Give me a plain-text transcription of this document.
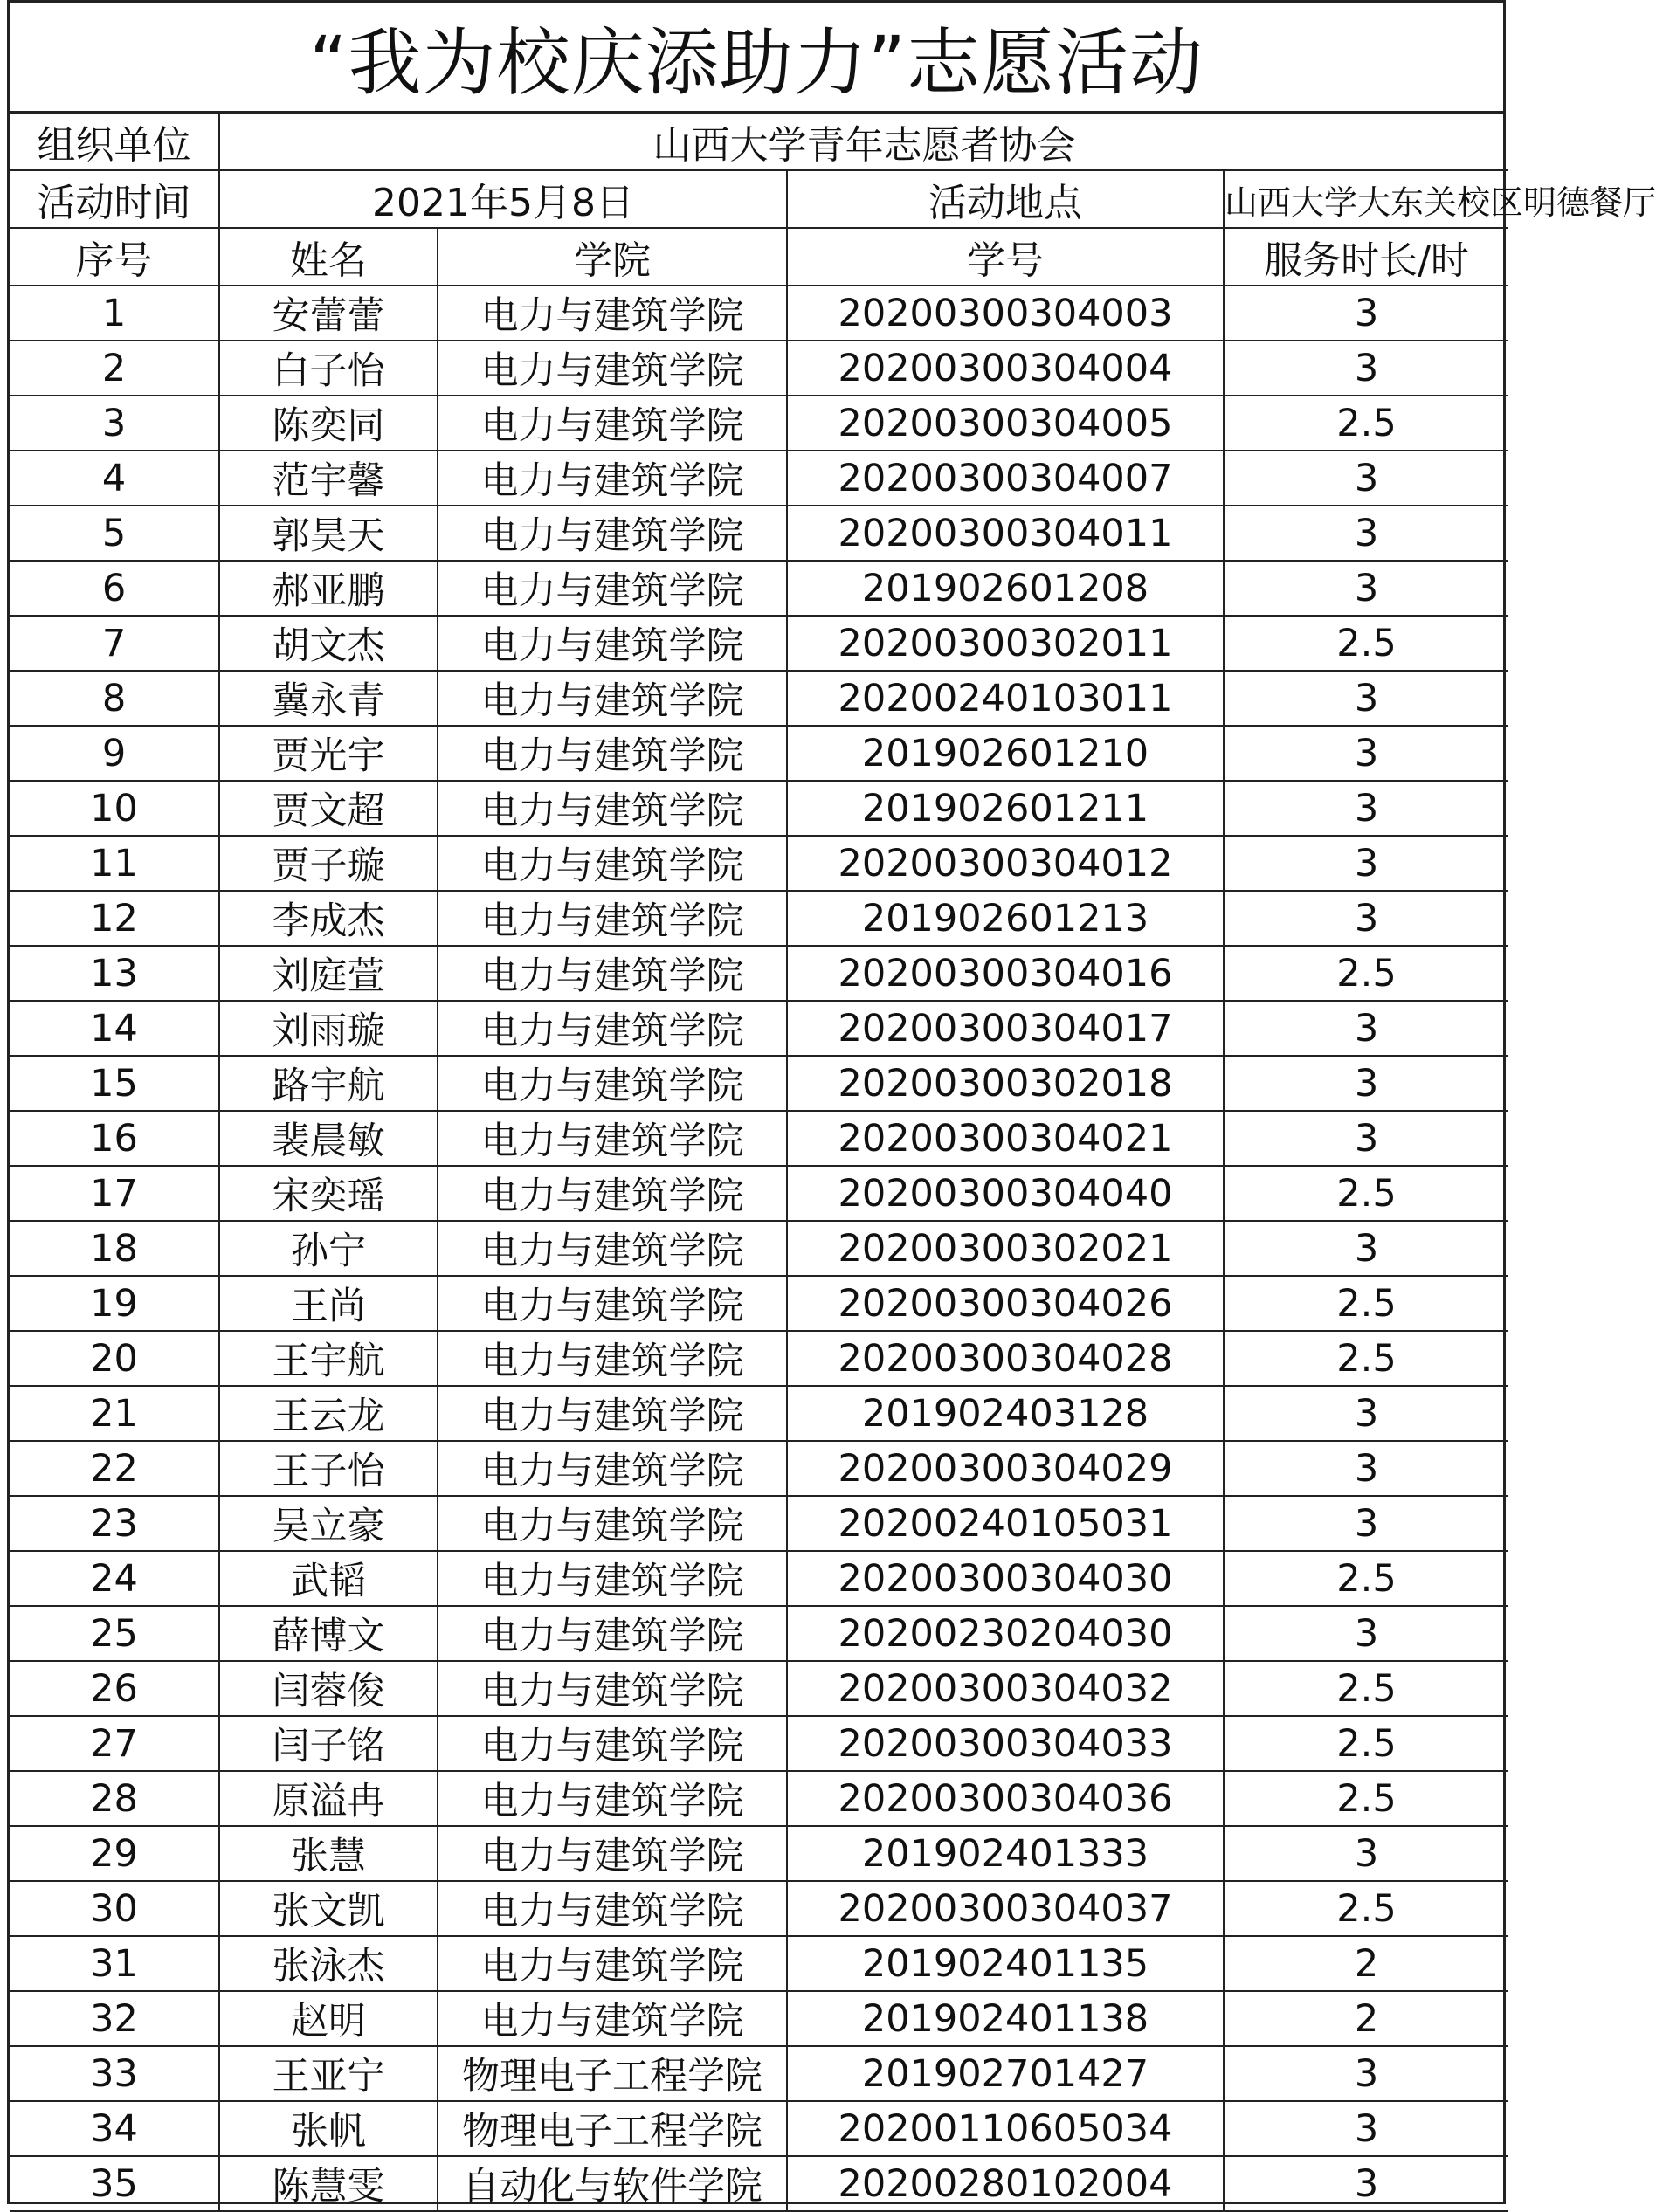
“我为校庆添助力”志愿活动
组织单位	山西大学青年志愿者协会			
活动时间	2021年5月8日		活动地点	山西大学大东关校区明德餐厅
序号	姓名	学院	学号	服务时长/时
1	安蕾蕾	电力与建筑学院	20200300304003	3
2	白子怡	电力与建筑学院	20200300304004	3
3	陈奕同	电力与建筑学院	20200300304005	2.5
4	范宇馨	电力与建筑学院	20200300304007	3
5	郭昊天	电力与建筑学院	20200300304011	3
6	郝亚鹏	电力与建筑学院	201902601208	3
7	胡文杰	电力与建筑学院	20200300302011	2.5
8	冀永青	电力与建筑学院	20200240103011	3
9	贾光宇	电力与建筑学院	201902601210	3
10	贾文超	电力与建筑学院	201902601211	3
11	贾子璇	电力与建筑学院	20200300304012	3
12	李成杰	电力与建筑学院	201902601213	3
13	刘庭萱	电力与建筑学院	20200300304016	2.5
14	刘雨璇	电力与建筑学院	20200300304017	3
15	路宇航	电力与建筑学院	20200300302018	3
16	裴晨敏	电力与建筑学院	20200300304021	3
17	宋奕瑶	电力与建筑学院	20200300304040	2.5
18	孙宁	电力与建筑学院	20200300302021	3
19	王尚	电力与建筑学院	20200300304026	2.5
20	王宇航	电力与建筑学院	20200300304028	2.5
21	王云龙	电力与建筑学院	201902403128	3
22	王子怡	电力与建筑学院	20200300304029	3
23	吴立豪	电力与建筑学院	20200240105031	3
24	武韬	电力与建筑学院	20200300304030	2.5
25	薛博文	电力与建筑学院	20200230204030	3
26	闫蓉俊	电力与建筑学院	20200300304032	2.5
27	闫子铭	电力与建筑学院	20200300304033	2.5
28	原溢冉	电力与建筑学院	20200300304036	2.5
29	张慧	电力与建筑学院	201902401333	3
30	张文凯	电力与建筑学院	20200300304037	2.5
31	张泳杰	电力与建筑学院	201902401135	2
32	赵明	电力与建筑学院	201902401138	2
33	王亚宁	物理电子工程学院	201902701427	3
34	张帆	物理电子工程学院	20200110605034	3
35	陈慧雯	自动化与软件学院	20200280102004	3
